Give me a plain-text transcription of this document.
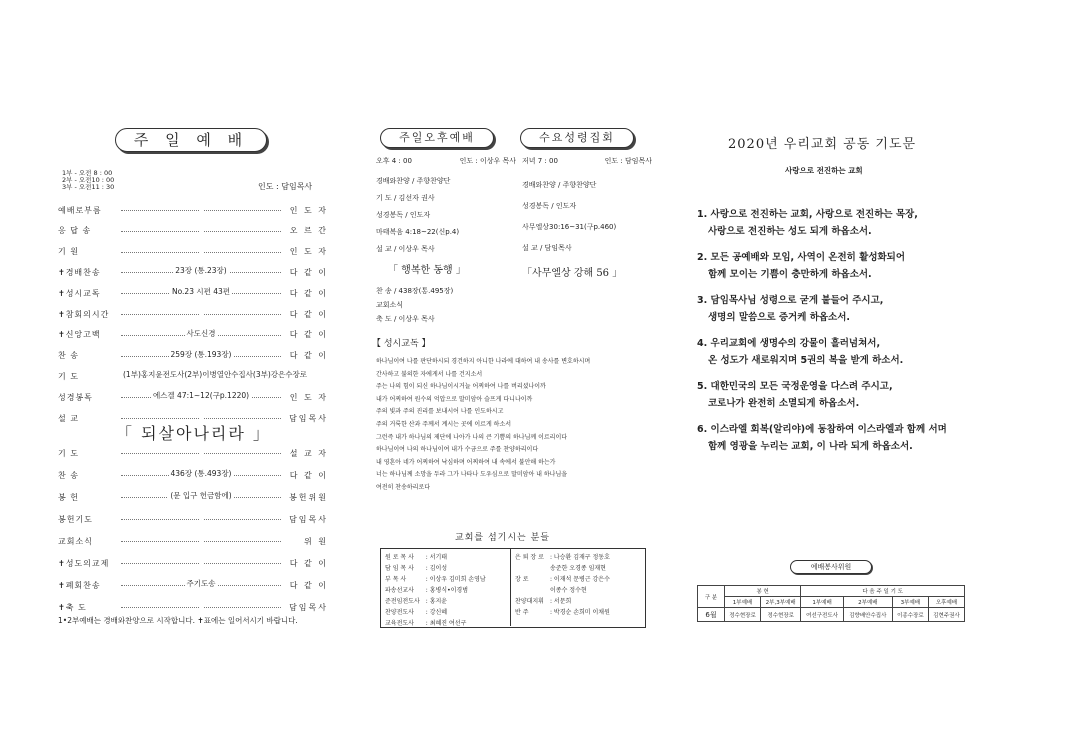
주 일 예 배
1부 - 오전 8 : 00
2부 - 오전10 : 00
3부 - 오전11 : 30	인도 : 담임목사
예배로부름	인 도 자
응 답 송	오 르 간
기 원	인 도 자
✝경배찬송	23장 (통.23장)	다 같 이
✝성시교독	No.23 시편 43편	다 같 이
✝참회의시간	다 같 이
✝신앙고백	사도신경	다 같 이
찬 송	259장 (통.193장)	다 같 이
기 도	(1부)홍지윤전도사(2부)이병열안수집사(3부)강은수장로
성경봉독	에스겔 47:1~12(구p.1220)	인 도 자
설 교	담임목사
「 되살아나리라 」
기 도	설 교 자
찬 송	436장 (통.493장)	다 같 이
봉 헌	(문 입구 헌금함에)	봉헌위원
봉헌기도	담임목사
교회소식	위 원
✝성도의교제	다 같 이
✝폐회찬송	주기도송	다 같 이
✝축 도	담임목사
1•2부예배는 경배와찬양으로 시작합니다. ✝표에는 일어서시기 바랍니다.
주일오후예배	수요성령집회
오후 4 : 00	인도 : 이상우 목사
경배와찬양 / 주향찬양단
기 도 / 김선자 권사
성경봉독 / 인도자
마태복음 4:18~22(신p.4)
설 교 / 이상우 목사
「 행복한 동행 」
찬 송 / 438장(통.495장)
교회소식
축 도 / 이상우 목사
저녁 7 : 00	인도 : 담임목사
경배와찬양 / 주향찬양단
성경봉독 / 인도자
사무엘상30:16~31(구p.460)
설 교 / 담임목사
「사무엘상 강해 56 」
【 성시교독 】
하나님이여 나를 판단하시되 경건하지 아니한 나라에 대하여 내 송사를 변호하시며
간사하고 불의한 자에게서 나를 건지소서
주는 나의 힘이 되신 하나님이시거늘 어찌하여 나를 버리셨나이까
내가 어찌하여 원수의 억압으로 말미암아 슬프게 다니나이까
주의 빛과 주의 진리를 보내시어 나를 인도하시고
주의 거룩한 산과 주께서 계시는 곳에 이르게 하소서
그런즉 내가 하나님의 제단에 나아가 나의 큰 기쁨의 하나님께 이르리이다
하나님이여 나의 하나님이여 내가 수금으로 주를 찬양하리이다
내 영혼아 네가 어찌하여 낙심하며 어찌하여 내 속에서 불안해 하는가
너는 하나님께 소망을 두라 그가 나타나 도우심으로 말미암아 내 하나님을
여전히 찬송하리로다
교회를 섬기시는 분들
원 로 목 사	: 서기태
담 임 목 사	: 김이성
부 목 사	: 이상우 김미희 손영남
파송선교사	: 홍병식•이경범
준전임전도사	: 홍지윤
찬양전도사	: 강신혜
교육전도사	: 최혜진 여선구
은 퇴 장 로	: 나승환 김재구 정동호
	송준한 오경종 임재현
장 로	: 이재석 문병근 강은수
	이종수 정수현
찬양대지휘	: 서문희
반 주	: 박경순 손희미 이채원
2020년 우리교회 공동 기도문
사랑으로 전진하는 교회
1. 사랑으로 전진하는 교회, 사랑으로 전진하는 목장,
사랑으로 전진하는 성도 되게 하옵소서.
2. 모든 공예배와 모임, 사역이 온전히 활성화되어
함께 모이는 기쁨이 충만하게 하옵소서.
3. 담임목사님 성령으로 굳게 붙들어 주시고,
생명의 말씀으로 증거케 하옵소서.
4. 우리교회에 생명수의 강물이 흘러넘쳐서,
온 성도가 새로워지며 5권의 복을 받게 하소서.
5. 대한민국의 모든 국정운영을 다스려 주시고,
코로나가 완전히 소멸되게 하옵소서.
6. 이스라엘 회복(알리야)에 동참하여 이스라엘과 함께 서며
함께 영광을 누리는 교회, 이 나라 되게 하옵소서.
예배봉사위원
구 분	봉 헌		다 음 주 일 기 도			
	1부예배	2부,3부예배	1부예배	2부예배	3부예배	오후예배
6월	정수현장로	정수현장로	여선구전도사	김향배안수집사	이종수장로	김현주권사
